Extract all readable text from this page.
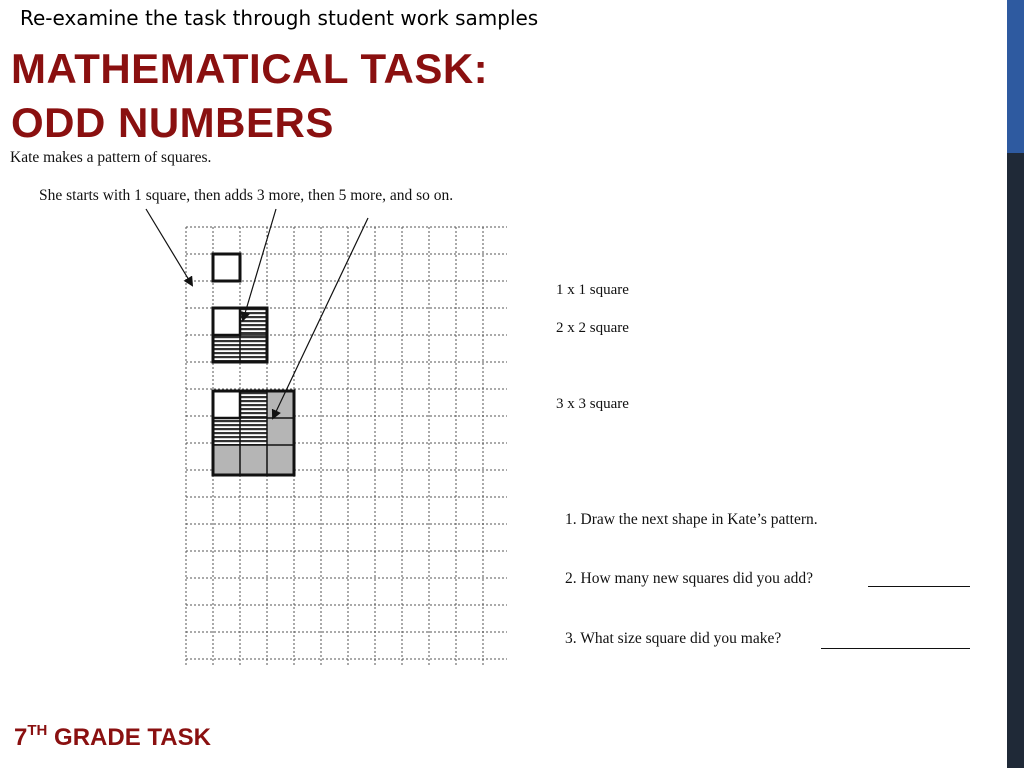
Re-examine the task through student work samples
MATHEMATICAL TASK:
ODD NUMBERS
Kate makes a pattern of squares.
She starts with 1 square, then adds 3 more, then 5 more, and so on.
1 x 1 square
2 x 2 square
3 x 3 square
1. Draw the next shape in Kate’s pattern.
2. How many new squares did you add?
3. What size square did you make?
7TH GRADE TASK
